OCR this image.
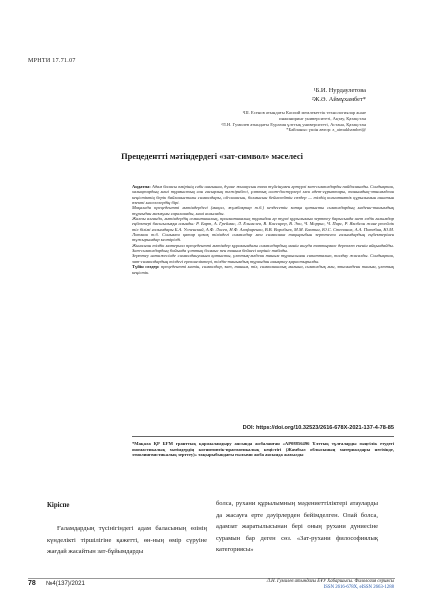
МРНТИ 17.71.07
¹Б.И. Нурдаулетова
²Ж.Ә. Аймұхамбет*
¹Ш. Есенов атындағы Каспий мемлекеттік технологиялар және
инжиниринг университеті, Ақтау, Қазақстан
²Л.Н. Гумилев атындағы Еуразия ұлттық университеті, Астана, Қазақстан
*Байланыс үшін автор: z_aimukhambet@
Прецедентті мәтіндердегі «зат-символ» мәселесі

Аңдатпа: Адам баласы өмірінің сәби шағынан, дүние жинаусын таза түйсінумен әртүрлі зат-символдарды пайдаланады. Сондықтан, халықтардың мәні тұрмыстың сан ғасырлық тәжірибесі, ұлттық салт-дәстүрлері мен әдет-ғұрыптары, танымдық-этномәдени кеңістіктің берік байланыстағы символдары, ой-санасын, болмысын бейнелейтін сөздер — тілдің когнитивтік құрылымын ашатын өзекті мәселелердің бірі.

Мақалада прецедентті мәтіндердегі (мақал, жұмбақтар т.б.) кездесетін затқа қатысты символдардың мәдени-танымдық тұрғыдан мазмұны сараланады, мәні ашылады.

Жалпы алғанда, мәтіндердің семантикалық, прагматикалық тұрғыдан әр түрлі құрылымын зерттеу барысында шет елдік ғалымдар еңбектері басшылыққа алынды: Р. Барт, А. Греймас, Л. Ельмслев, В. Кассирер, В. Эко, Ч. Моррис, Ч. Пирс, Р. Якобсон және ресейлік тіл білімі ғалымдары Б.А. Успенский, А.Ф. Лосев, Н.Ф. Алефиренко, В.В. Воробьев, М.М. Бахтин, Ю.С. Степанов, А.А. Потебня, Ю.М. Лотман т.б. Сонымен қатар қазақ тіліндегі символдар мен символика тақырыбын зерттеген ғалымдардың еңбектерінен тұжырымдар келтірілді.

Жиналған тілдік материал прецедентті мәтіндер құрамындағы символдардың мәнін ашуда таптырмас дереккөз екенін айқындайды. Зат-символдардың бойында ұлттық болмыс пен таным бейнесі көрініс табады.

Зерттеу нәтижесінде символданушыға қатысты, ұлттық-мәдени таным тұрғысынан сипатталып, талдау жасалды. Сондықтан, зат-символдардың тілдегі ерекшеліктері, тілдік-танымдық тұрғыдан анықтау қарастырылды.

Түйін сөздер: прецедентті мәтін, символдар, зат, таным, тіл, символикалық мағына, символдық мән, этномәдени таным, ұлттық кеңістік.

DOI: https://doi.org/10.32523/2616-678X-2021-137-4-78-85
*Мақала ҚР БҒМ гранттық қаржыландыру аясында жобаланған «АР08856496 Ұлттық тұлғаларды мәңгілік етудегі ономастикалық мәтіндердің когнитивтік-прагматикалық кеңістігі (Жамбыл облысының материалдары негізінде, этнолингвистикалық зерттеу)» тақырыбындағы ғылыми жоба аясында жазылды
Кіріспе
Ғаламдардың түсінігіндегі адам баласының өзінің күнделікті тіршілігіне қажетті, өн-ның өмір сүруіне жағдай жасайтын зат-бұйымдарды
болса, рухани құрылымның мәдениеттіліктері атауларды да жасауға ерте дәуірлерден бейімделген. Олай болса, адамзат жаратылысынан бері оның рухани дүниесіне сурамын бар деген сөз. «Зат-рухани философиялық категориясы»
78 №4(137)/2021	Л.Н. Гумилев атындағы ЕҰУ Хабаршысы. Филология сериясы
ISSN 2616-678X, eISSN 2663-1288
